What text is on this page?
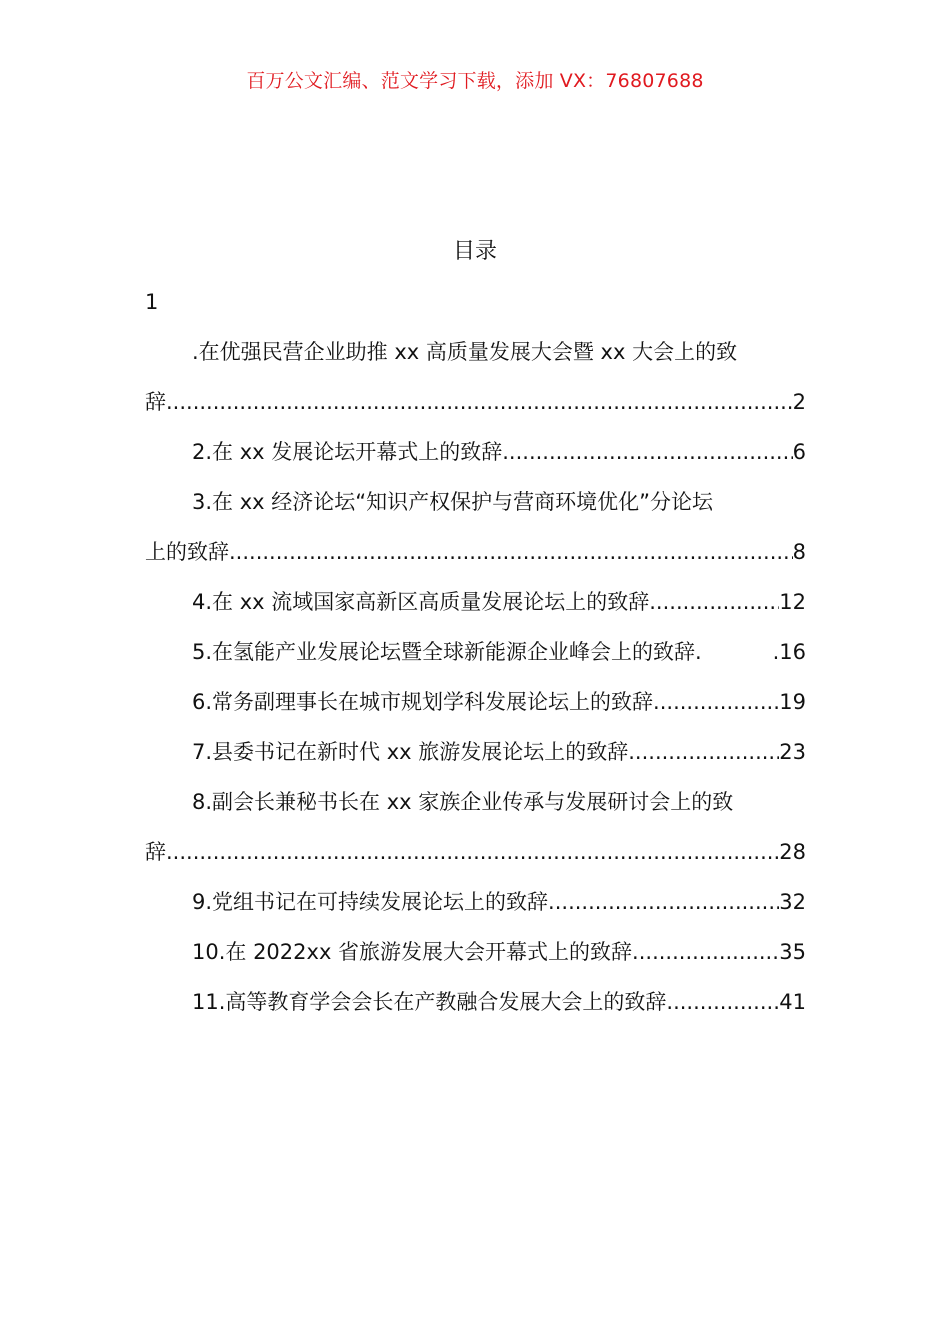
百万公文汇编、范文学习下载，添加 VX：76807688
目录
1
.在优强民营企业助推 xx 高质量发展大会暨 xx 大会上的致
辞 .....	2
2.在 xx 发展论坛开幕式上的致辞 .....	6
3.在 xx 经济论坛“知识产权保护与营商环境优化”分论坛
上的致辞 .....	8
4.在 xx 流域国家高新区高质量发展论坛上的致辞 .....	12
5.在氢能产业发展论坛暨全球新能源企业峰会上的致辞.	.16
6.常务副理事长在城市规划学科发展论坛上的致辞 .....	19
7.县委书记在新时代 xx 旅游发展论坛上的致辞 .....	23
8.副会长兼秘书长在 xx 家族企业传承与发展研讨会上的致
辞 .....	28
9.党组书记在可持续发展论坛上的致辞 .....	32
10.在 2022xx 省旅游发展大会开幕式上的致辞 .....	35
11.高等教育学会会长在产教融合发展大会上的致辞 .....	41
